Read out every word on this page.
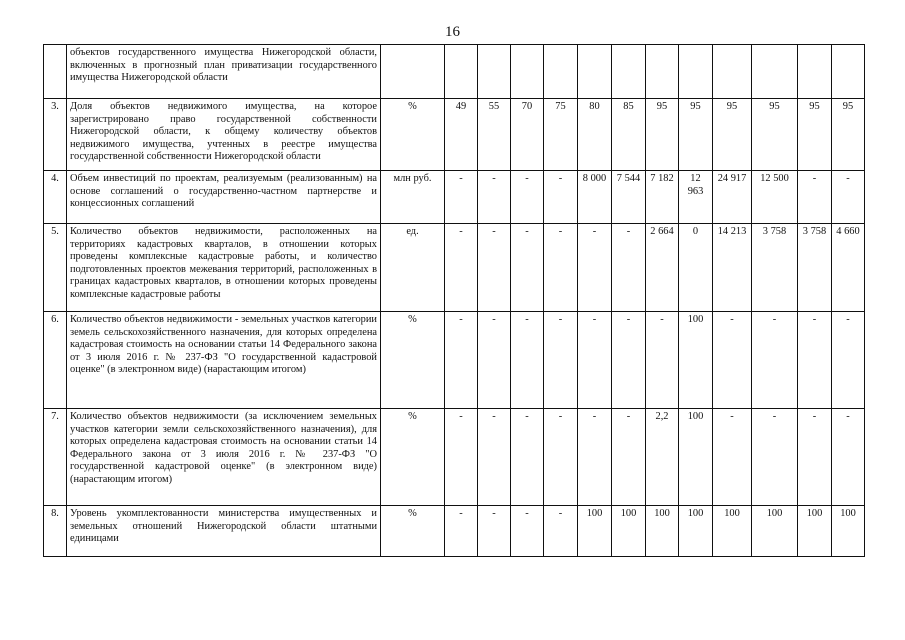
16
	объектов государственного имущества Нижегородской области, включенных в прогнозный план приватизации государственного имущества Нижегородской области													
3.	Доля объектов недвижимого имущества, на которое зарегистрировано право государственной собственности Нижегородской области, к общему количеству объектов недвижимого имущества, учтенных в реестре имущества государственной собственности Нижегородской области	%	49	55	70	75	80	85	95	95	95	95	95	95
4.	Объем инвестиций по проектам, реализуемым (реализованным) на основе соглашений о государственно-частном партнерстве и концессионных соглашений	млн руб.	-	-	-	-	8 000	7 544	7 182	12 963	24 917	12 500	-	-
5.	Количество объектов недвижимости, расположенных на территориях кадастровых кварталов, в отношении которых проведены комплексные кадастровые работы, и количество подготовленных проектов межевания территорий, расположенных в границах кадастровых кварталов, в отношении которых проведены комплексные кадастровые работы	ед.	-	-	-	-	-	-	2 664	0	14 213	3 758	3 758	4 660
6.	Количество объектов недвижимости - земельных участков категории земель сельскохозяйственного назначения, для которых определена кадастровая стоимость на основании статьи 14 Федерального закона от 3 июля 2016 г. № 237-ФЗ "О государственной кадастровой оценке" (в электронном виде) (нарастающим итогом)	%	-	-	-	-	-	-	-	100	-	-	-	-
7.	Количество объектов недвижимости (за исключением земельных участков категории земли сельскохозяйственного назначения), для которых определена кадастровая стоимость на основании статьи 14 Федерального закона от 3 июля 2016 г. № 237-ФЗ "О государственной кадастровой оценке" (в электронном виде) (нарастающим итогом)	%	-	-	-	-	-	-	2,2	100	-	-	-	-
8.	Уровень укомплектованности министерства имущественных и земельных отношений Нижегородской области штатными единицами	%	-	-	-	-	100	100	100	100	100	100	100	100
